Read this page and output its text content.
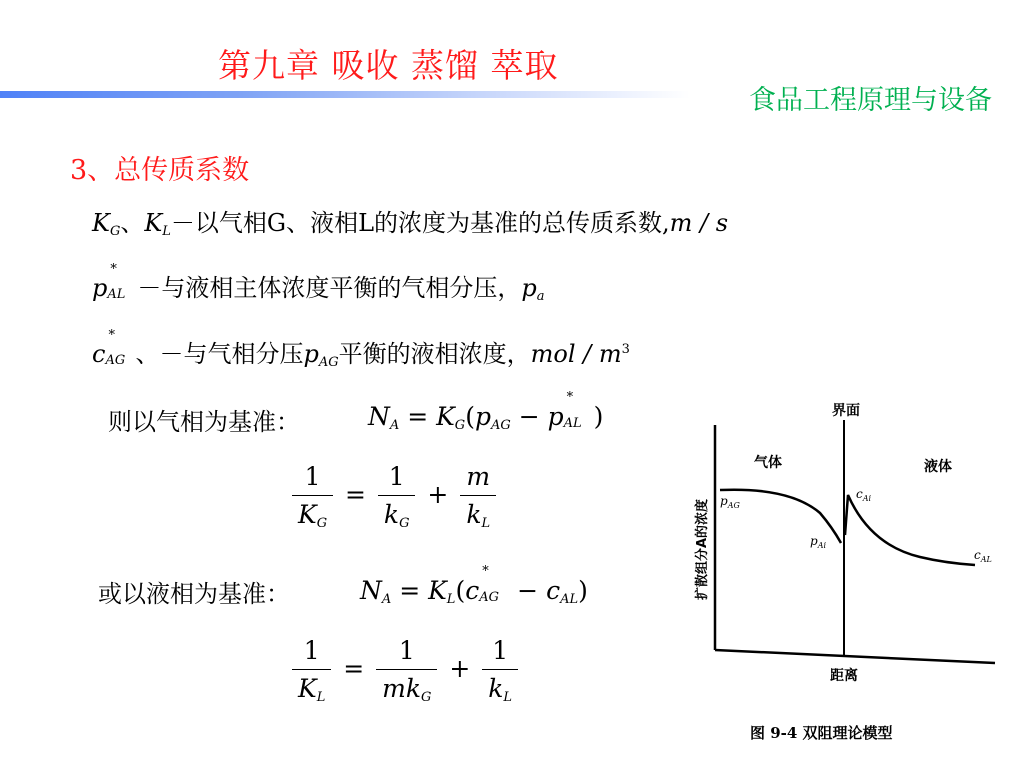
第九章 吸收 蒸馏 萃取
食品工程原理与设备
3、总传质系数
$K_G$、$K_L-$以气相G、液相L的浓度为基准的总传质系数,m / s
p
*
AL －与液相主体浓度平衡的气相分压，$p_a$
c
*
AG 、－与气相分压$p_{AG}$平衡的液相浓度，mol / $m^3$
则以气相为基准：	$N_A = K_G(p_{AG} - p$
*
AL )
$\frac{1}{K_G} = \frac{1}{k_G} + \frac{m}{k_L}$
或以液相为基准：	$N_A = K_L(c$
*
AG − $c_{AL}$)
$\frac{1}{K_L} = \frac{1}{mk_G} + \frac{1}{k_L}$
界面
气体	液体
扩散组分A的浓度
距离
$p_{AG}$
$p_{Ai}$
$c_{Ai}$
$c_{AL}$
图 9-4 双阻理论模型
